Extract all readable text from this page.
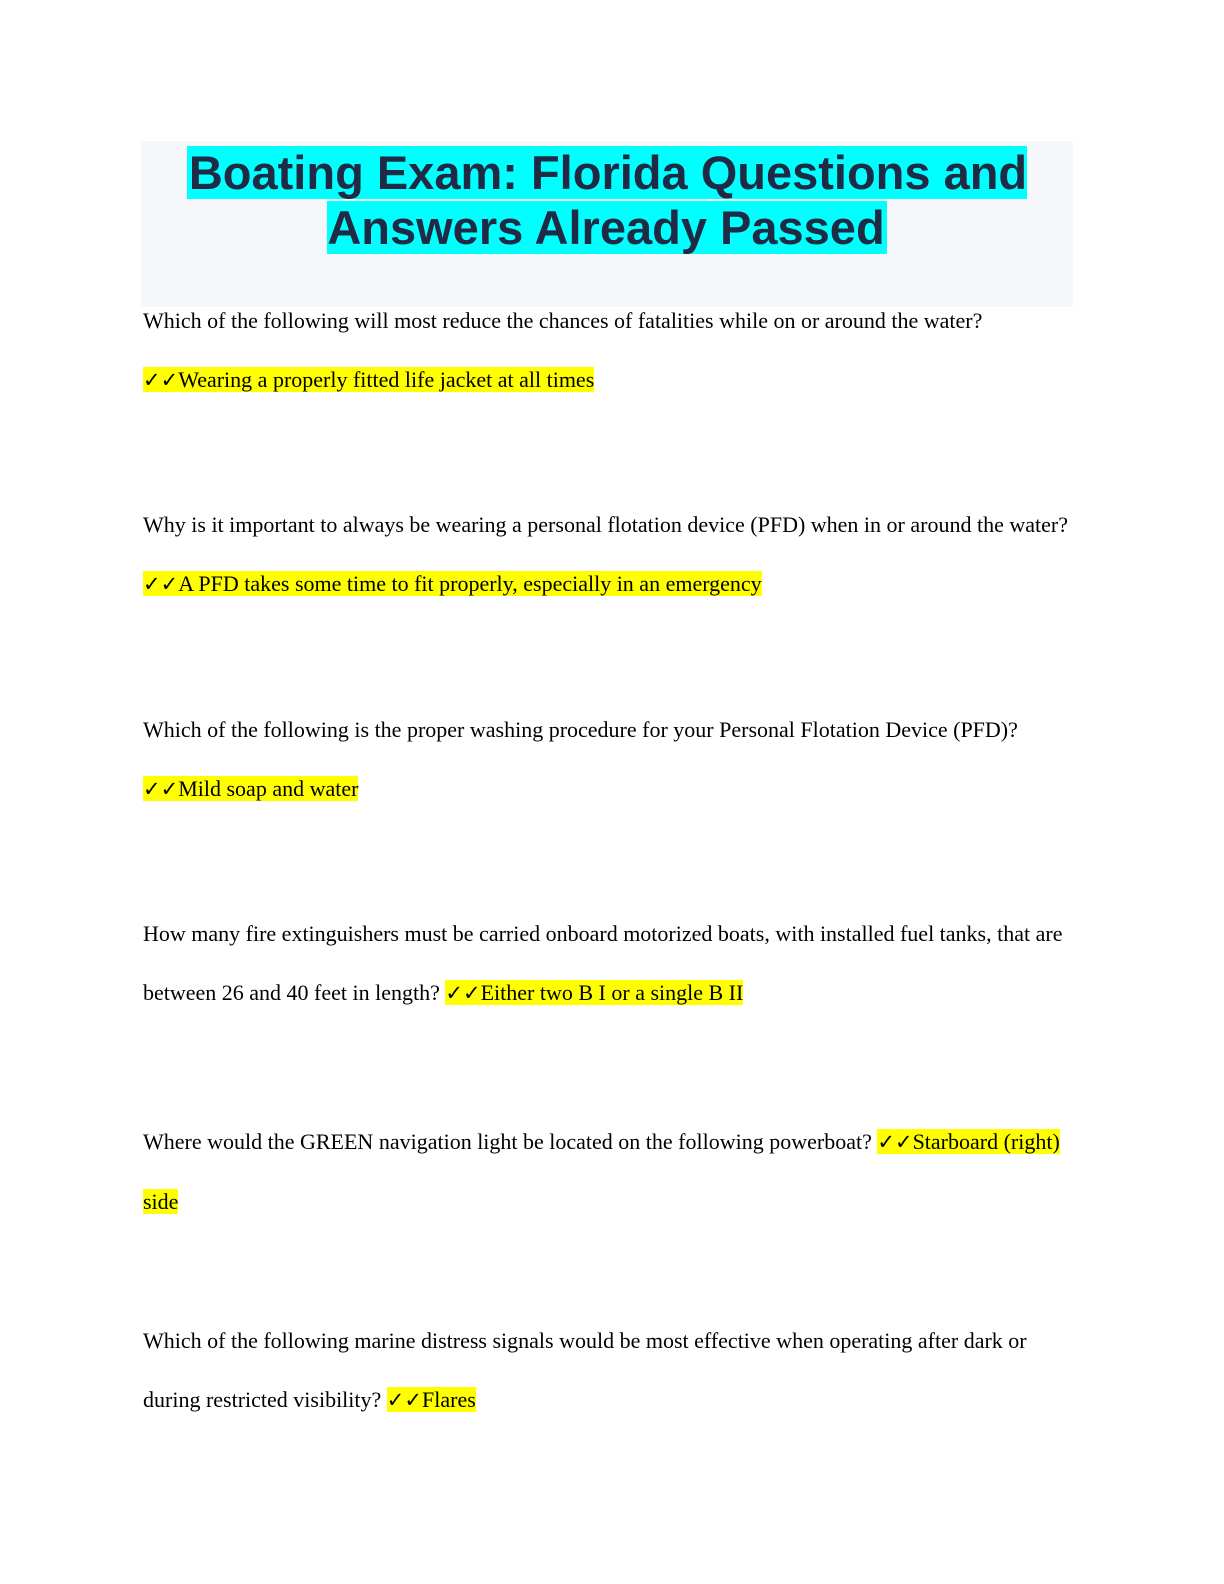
Boating Exam: Florida Questions and Answers Already Passed

Which of the following will most reduce the chances of fatalities while on or around the water?
✓✓Wearing a properly fitted life jacket at all times

Why is it important to always be wearing a personal flotation device (PFD) when in or around the water? ✓✓A PFD takes some time to fit properly, especially in an emergency

Which of the following is the proper washing procedure for your Personal Flotation Device (PFD)? ✓✓Mild soap and water

How many fire extinguishers must be carried onboard motorized boats, with installed fuel tanks, that are between 26 and 40 feet in length? ✓✓Either two B I or a single B II

Where would the GREEN navigation light be located on the following powerboat? ✓✓Starboard (right) side

Which of the following marine distress signals would be most effective when operating after dark or during restricted visibility? ✓✓Flares
